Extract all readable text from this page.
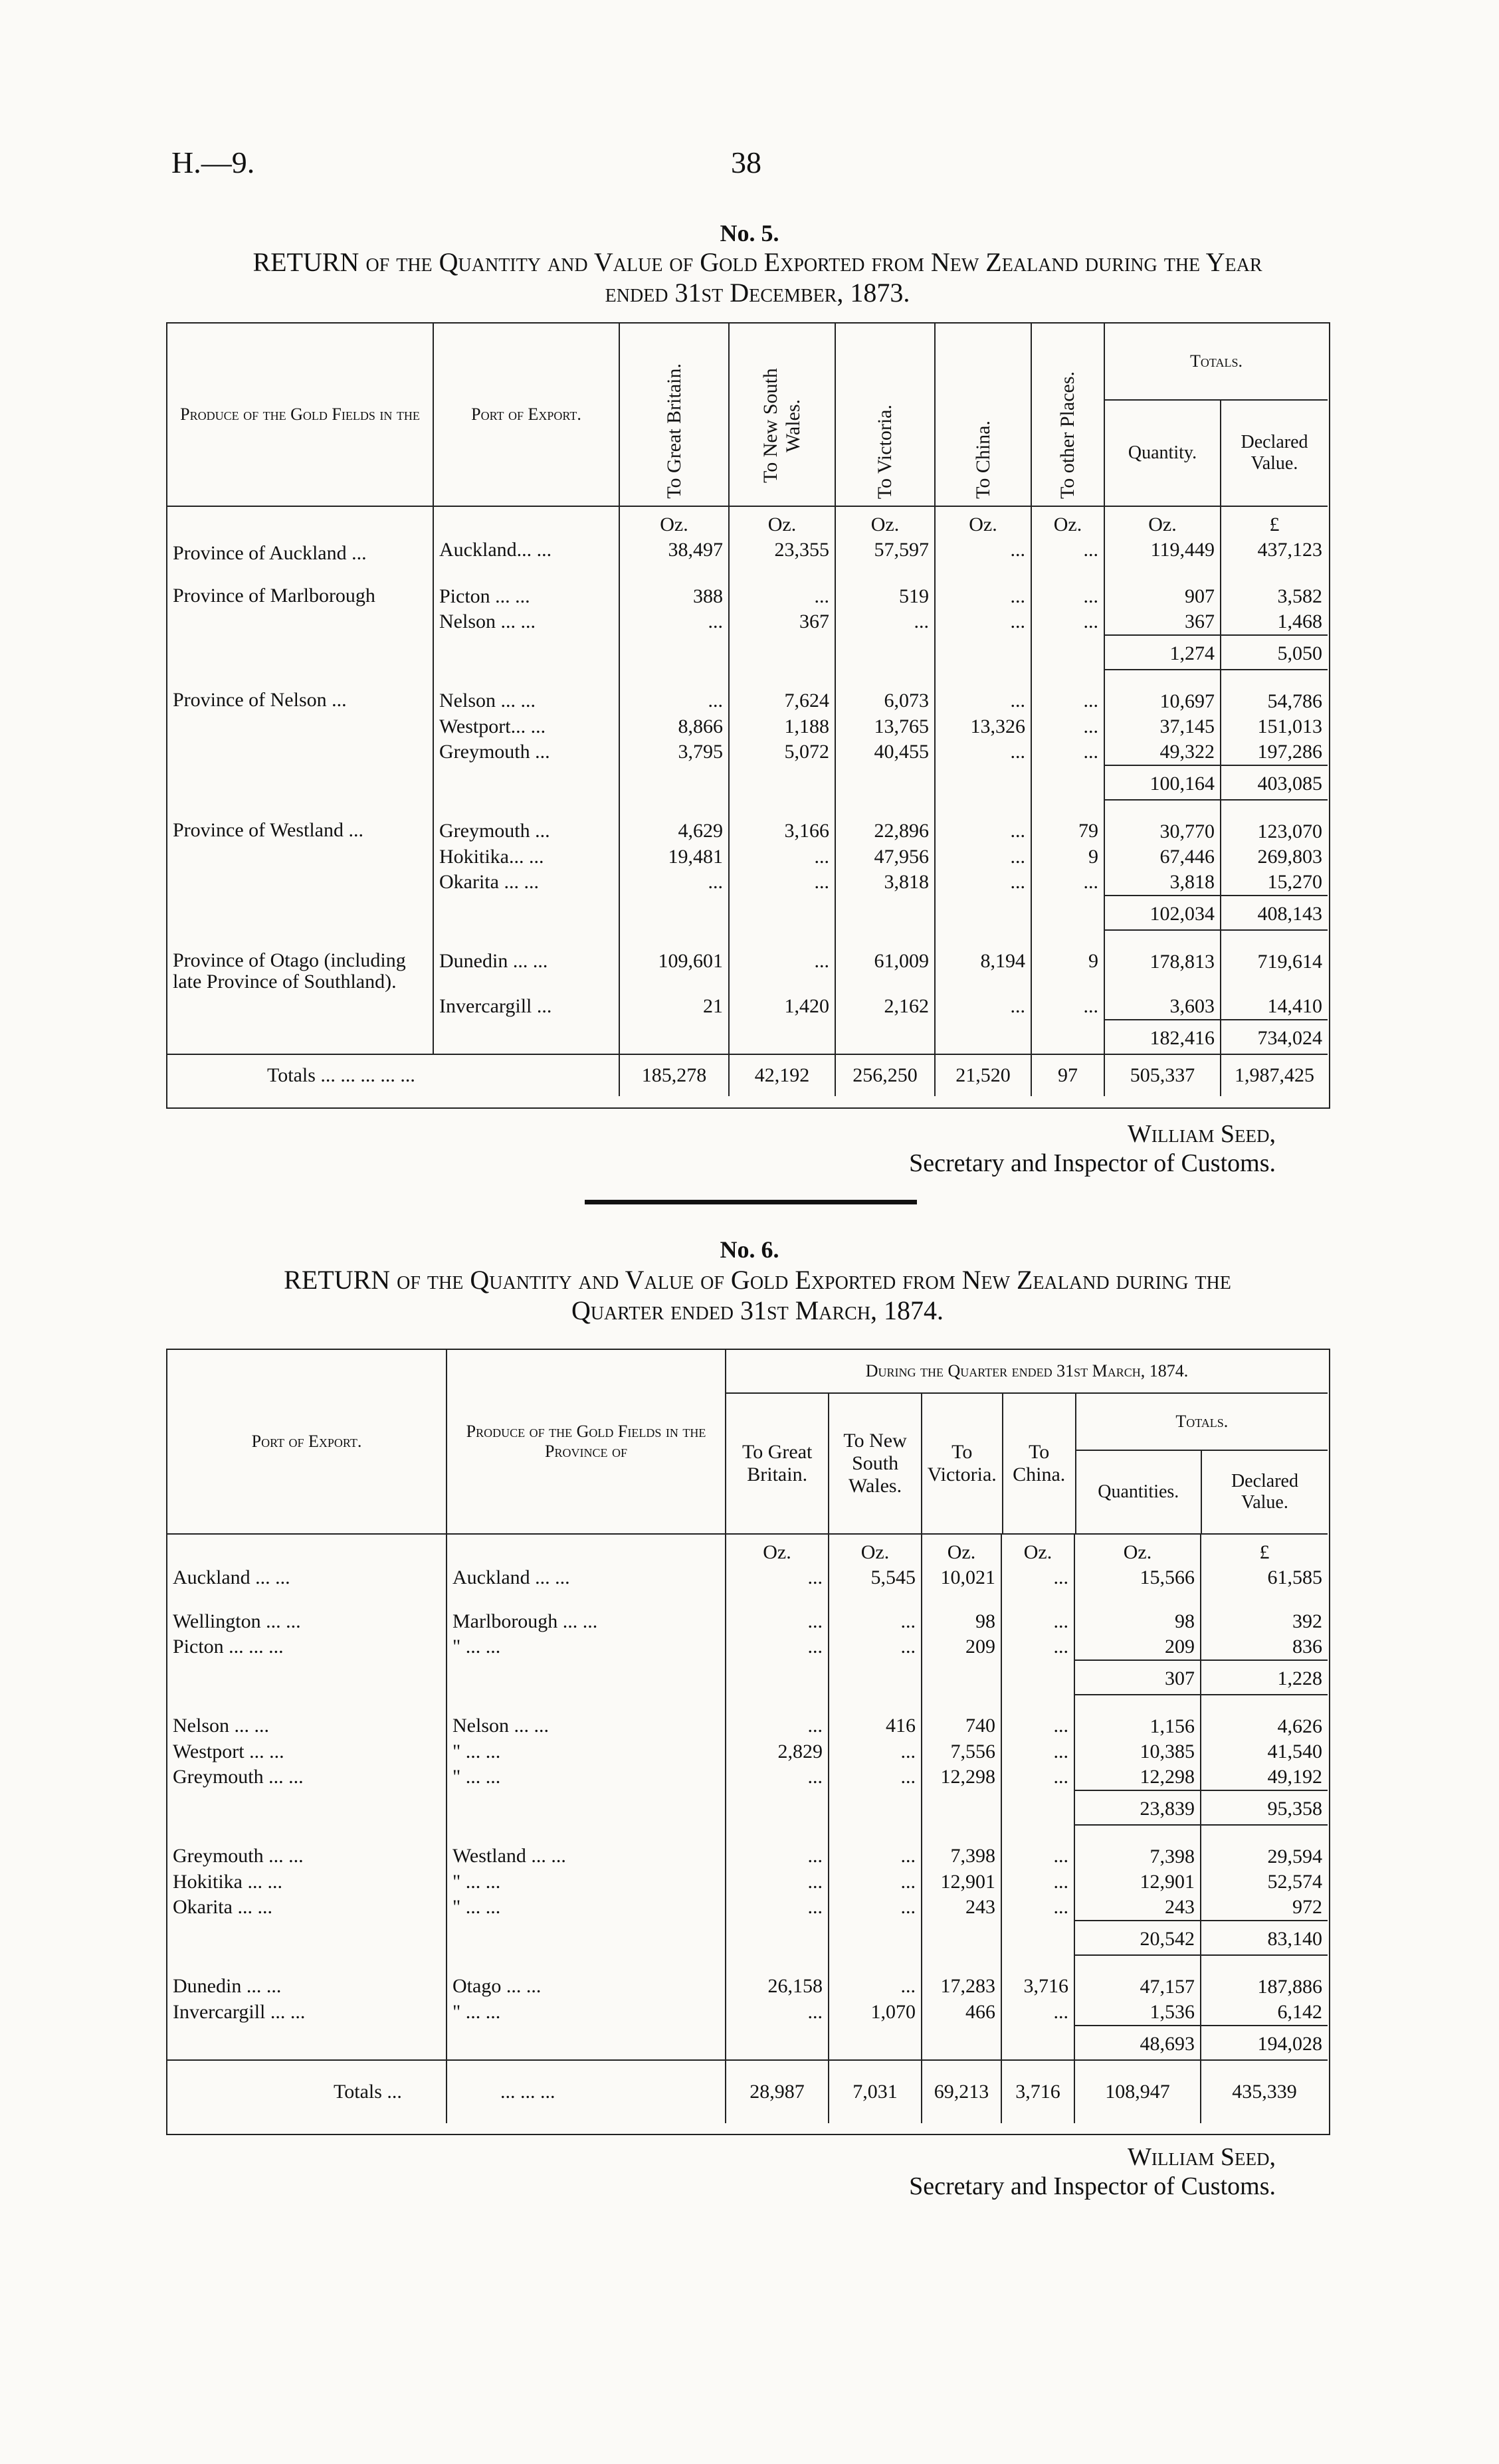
H.—9.	38
No. 5.
RETURN of the Quantity and Value of Gold Exported from New Zealand during the Year
ended 31st December, 1873.
Produce of the Gold Fields in the	Port of Export.	To Great Britain.	To New South Wales.	To Victoria.	To China.	To other Places.	Totals.	
							Quantity.	Declared Value.
		Oz.	Oz.	Oz.	Oz.	Oz.	Oz.	£
Province of Auckland ...	Auckland... ...	38,497	23,355	57,597	...	...	119,449	437,123
Province of Marlborough	Picton ... ...	388	...	519	...	...	907	3,582
	Nelson ... ...	...	367	...	...	...	367	1,468
							1,274	5,050
Province of Nelson ...	Nelson ... ...	...	7,624	6,073	...	...	10,697	54,786
	Westport... ...	8,866	1,188	13,765	13,326	...	37,145	151,013
	Greymouth ...	3,795	5,072	40,455	...	...	49,322	197,286
							100,164	403,085
Province of Westland ...	Greymouth ...	4,629	3,166	22,896	...	79	30,770	123,070
	Hokitika... ...	19,481	...	47,956	...	9	67,446	269,803
	Okarita ... ...	...	...	3,818	...	...	3,818	15,270
							102,034	408,143
Province of Otago (including late Province of Southland).	Dunedin ... ...	109,601	...	61,009	8,194	9	178,813	719,614
	Invercargill ...	21	1,420	2,162	...	...	3,603	14,410
							182,416	734,024
Totals ... ... ... ... ...		185,278	42,192	256,250	21,520	97	505,337	1,987,425
William Seed,
Secretary and Inspector of Customs.
No. 6.
RETURN of the Quantity and Value of Gold Exported from New Zealand during the
Quarter ended 31st March, 1874.
Port of Export.	Produce of the Gold Fields in the Province of	During the Quarter ended 31st March, 1874.

To Great Britain.	To New South Wales.	To Victoria.	To China.	Totals.
Quantities.	Declared Value.

		Oz.	Oz.	Oz.	Oz.	Oz.	£
Auckland ... ...	Auckland ... ...	...	5,545	10,021	...	15,566	61,585
Wellington ... ...	Marlborough ... ...	...	...	98	...	98	392
Picton ... ... ...	" ... ...	...	...	209	...	209	836
						307	1,228
Nelson ... ...	Nelson ... ...	...	416	740	...	1,156	4,626
Westport ... ...	" ... ...	2,829	...	7,556	...	10,385	41,540
Greymouth ... ...	" ... ...	...	...	12,298	...	12,298	49,192
						23,839	95,358
Greymouth ... ...	Westland ... ...	...	...	7,398	...	7,398	29,594
Hokitika ... ...	" ... ...	...	...	12,901	...	12,901	52,574
Okarita ... ...	" ... ...	...	...	243	...	243	972
						20,542	83,140
Dunedin ... ...	Otago ... ...	26,158	...	17,283	3,716	47,157	187,886
Invercargill ... ...	" ... ...	...	1,070	466	...	1,536	6,142
						48,693	194,028
Totals ...	... ... ...	28,987	7,031	69,213	3,716	108,947	435,339
William Seed,
Secretary and Inspector of Customs.
